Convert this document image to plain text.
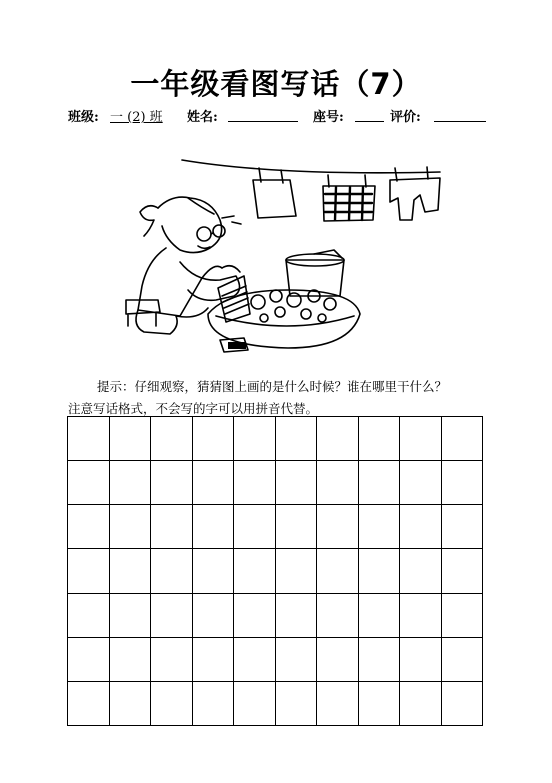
一年级看图写话（7）
班级: 一 (2) 班 姓名:	座号:	评价:
提示：仔细观察，猜猜图上画的是什么时候？谁在哪里干什么？
注意写话格式，不会写的字可以用拼音代替。
